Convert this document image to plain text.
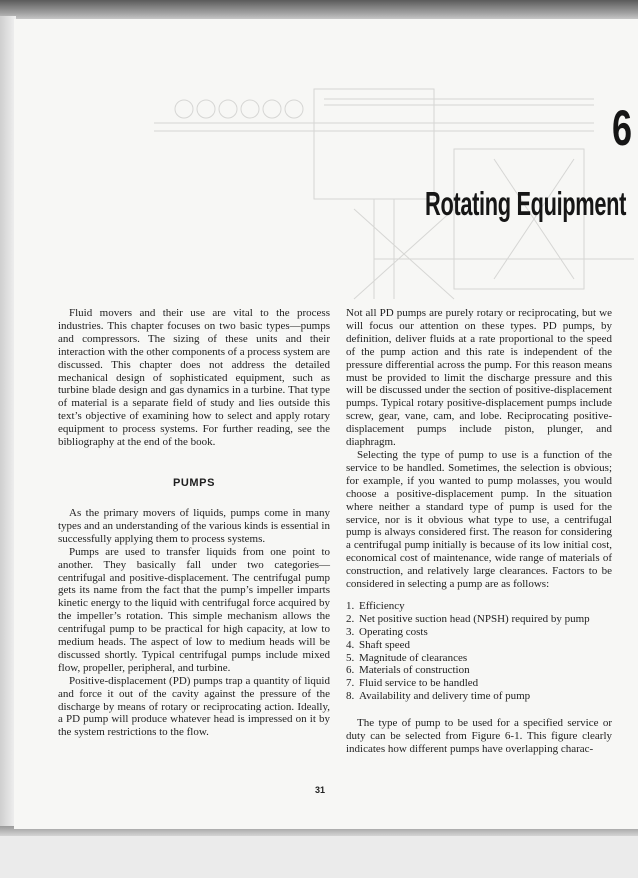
6
Rotating Equipment

Fluid movers and their use are vital to the process industries. This chapter focuses on two basic types—pumps and compressors. The sizing of these units and their interaction with the other components of a process system are discussed. This chapter does not address the detailed mechanical design of sophisticated equipment, such as turbine blade design and gas dynamics in a turbine. That type of material is a separate field of study and lies outside this text’s objective of examining how to select and apply rotary equipment to process systems. For further reading, see the bibliography at the end of the book.

PUMPS

As the primary movers of liquids, pumps come in many types and an understanding of the various kinds is essential in successfully applying them to process systems.

Pumps are used to transfer liquids from one point to another. They basically fall under two categories—centrifugal and positive-displacement. The centrifugal pump gets its name from the fact that the pump’s impeller imparts kinetic energy to the liquid with centrifugal force acquired by the impeller’s rotation. This simple mechanism allows the centrifugal pump to be practical for high capacity, at low to medium heads. The aspect of low to medium heads will be discussed shortly. Typical centrifugal pumps include mixed flow, propeller, peripheral, and turbine.

Positive-displacement (PD) pumps trap a quantity of liquid and force it out of the cavity against the pressure of the discharge by means of rotary or reciprocating action. Ideally, a PD pump will produce whatever head is impressed on it by the system restrictions to the flow.

Not all PD pumps are purely rotary or reciprocating, but we will focus our attention on these types. PD pumps, by definition, deliver fluids at a rate proportional to the speed of the pump action and this rate is independent of the pressure differential across the pump. For this reason means must be provided to limit the discharge pressure and this will be discussed under the section of positive-displacement pumps. Typical rotary positive-displacement pumps include screw, gear, vane, cam, and lobe. Reciprocating positive-displacement pumps include piston, plunger, and diaphragm.

Selecting the type of pump to use is a function of the service to be handled. Sometimes, the selection is obvious; for example, if you wanted to pump molasses, you would choose a positive-displacement pump. In the situation where neither a standard type of pump is used for the service, nor is it obvious what type to use, a centrifugal pump is always considered first. The reason for considering a centrifugal pump initially is because of its low initial cost, economical cost of maintenance, wide range of materials of construction, and relatively large clearances. Factors to be considered in selecting a pump are as follows:

1. Efficiency
2. Net positive suction head (NPSH) required by pump
3. Operating costs
4. Shaft speed
5. Magnitude of clearances
6. Materials of construction
7. Fluid service to be handled
8. Availability and delivery time of pump

The type of pump to be used for a specified service or duty can be selected from Figure 6-1. This figure clearly indicates how different pumps have overlapping charac-

31
